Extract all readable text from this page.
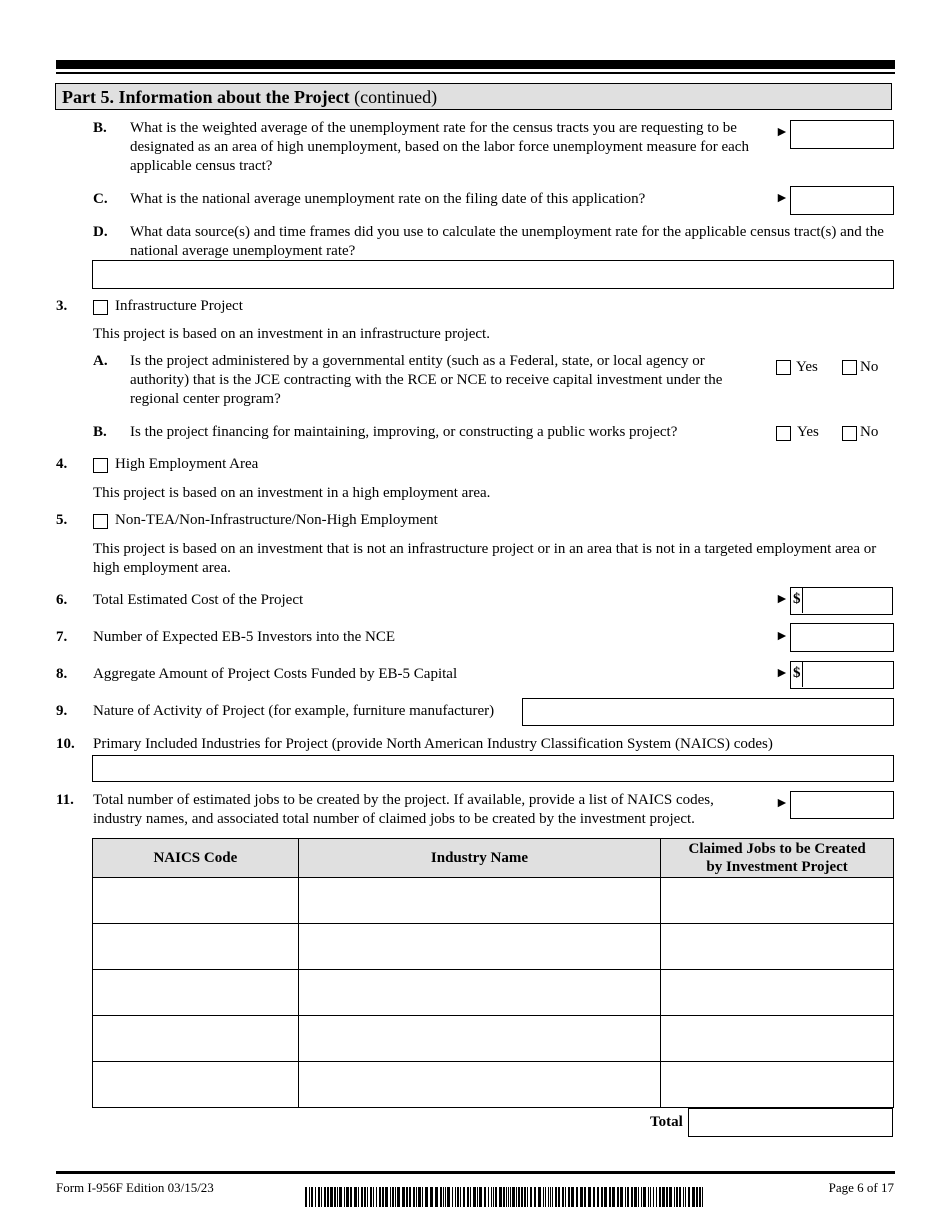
Part 5. Information about the Project (continued)
B. What is the weighted average of the unemployment rate for the census tracts you are requesting to be designated as an area of high unemployment, based on the labor force unemployment measure for each applicable census tract?
►
C. What is the national average unemployment rate on the filing date of this application?	►
D. What data source(s) and time frames did you use to calculate the unemployment rate for the applicable census tract(s) and the national average unemployment rate?
3.	Infrastructure Project
This project is based on an investment in an infrastructure project.
A. Is the project administered by a governmental entity (such as a Federal, state, or local agency or authority) that is the JCE contracting with the RCE or NCE to receive capital investment under the regional center program?
Yes	No
B. Is the project financing for maintaining, improving, or constructing a public works project?	Yes	No
4.	High Employment Area
This project is based on an investment in a high employment area.
5.	Non-TEA/Non-Infrastructure/Non-High Employment
This project is based on an investment that is not an infrastructure project or in an area that is not in a targeted employment area or high employment area.
6. Total Estimated Cost of the Project	► $
7. Number of Expected EB-5 Investors into the NCE	►
8. Aggregate Amount of Project Costs Funded by EB-5 Capital	► $
9. Nature of Activity of Project (for example, furniture manufacturer)
10. Primary Included Industries for Project (provide North American Industry Classification System (NAICS) codes)
11. Total number of estimated jobs to be created by the project. If available, provide a list of NAICS codes, industry names, and associated total number of claimed jobs to be created by the investment project.
►
NAICS Code	Industry Name	Claimed Jobs to be Created by Investment Project

Total
Form I-956F Edition 03/15/23	Page 6 of 17
